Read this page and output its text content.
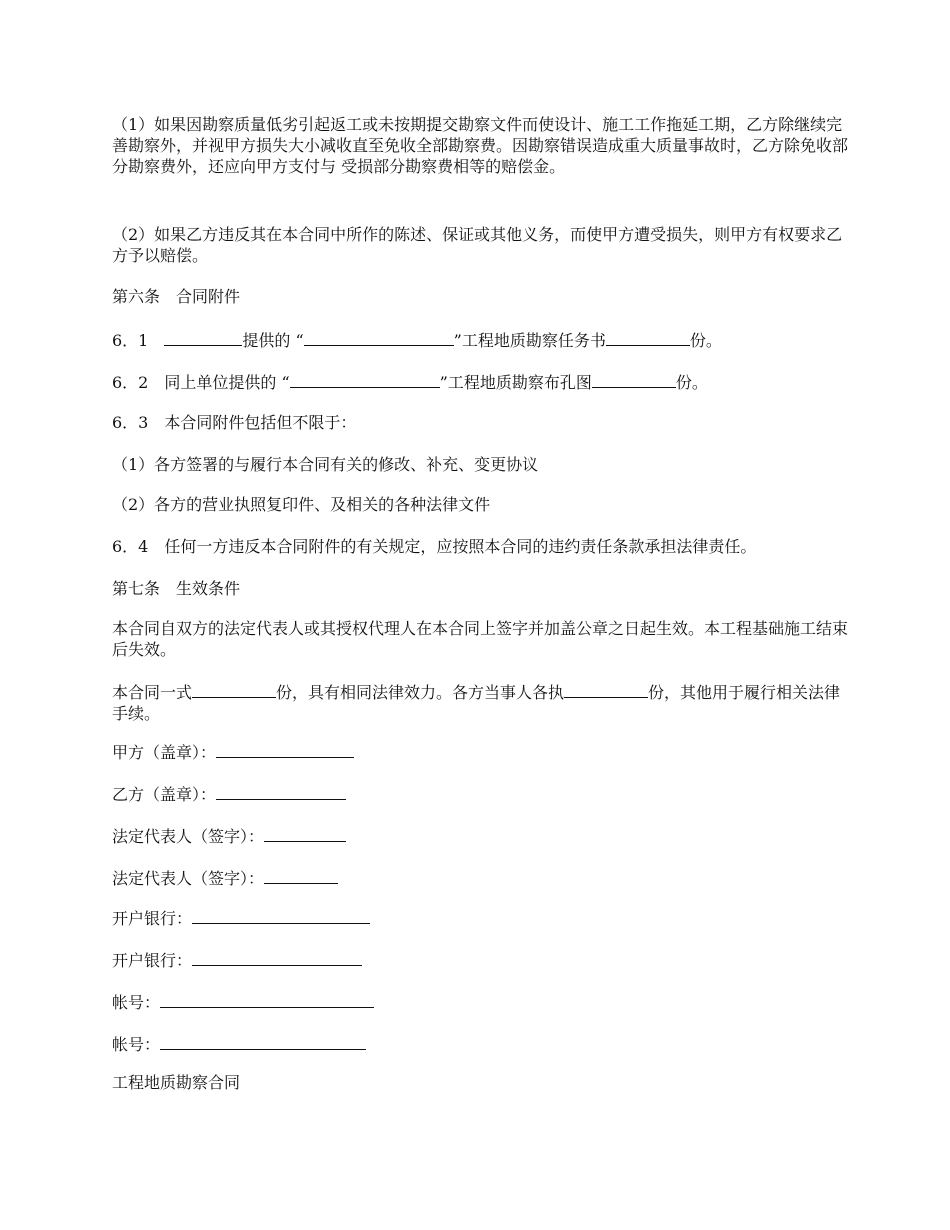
（1）如果因勘察质量低劣引起返工或未按期提交勘察文件而使设计、施工工作拖延工期，乙方除继续完善勘察外，并视甲方损失大小减收直至免收全部勘察费。因勘察错误造成重大质量事故时，乙方除免收部分勘察费外，还应向甲方支付与 受损部分勘察费相等的赔偿金。

（2）如果乙方违反其在本合同中所作的陈述、保证或其他义务，而使甲方遭受损失，则甲方有权要求乙方予以赔偿。

第六条　合同附件

6．1　	提供的 “	”工程地质勘察任务书	份。

6．2　同上单位提供的 “	”工程地质勘察布孔图	份。

6．3　本合同附件包括但不限于：

（1）各方签署的与履行本合同有关的修改、补充、变更协议

（2）各方的营业执照复印件、及相关的各种法律文件

6．4　任何一方违反本合同附件的有关规定，应按照本合同的违约责任条款承担法律责任。

第七条　生效条件

本合同自双方的法定代表人或其授权代理人在本合同上签字并加盖公章之日起生效。本工程基础施工结束后失效。

本合同一式	份，具有相同法律效力。各方当事人各执	份，其他用于履行相关法律手续。

甲方（盖章）：

乙方（盖章）：

法定代表人（签字）：

法定代表人（签字）：

开户银行：

开户银行：

帐号：

帐号：

工程地质勘察合同
